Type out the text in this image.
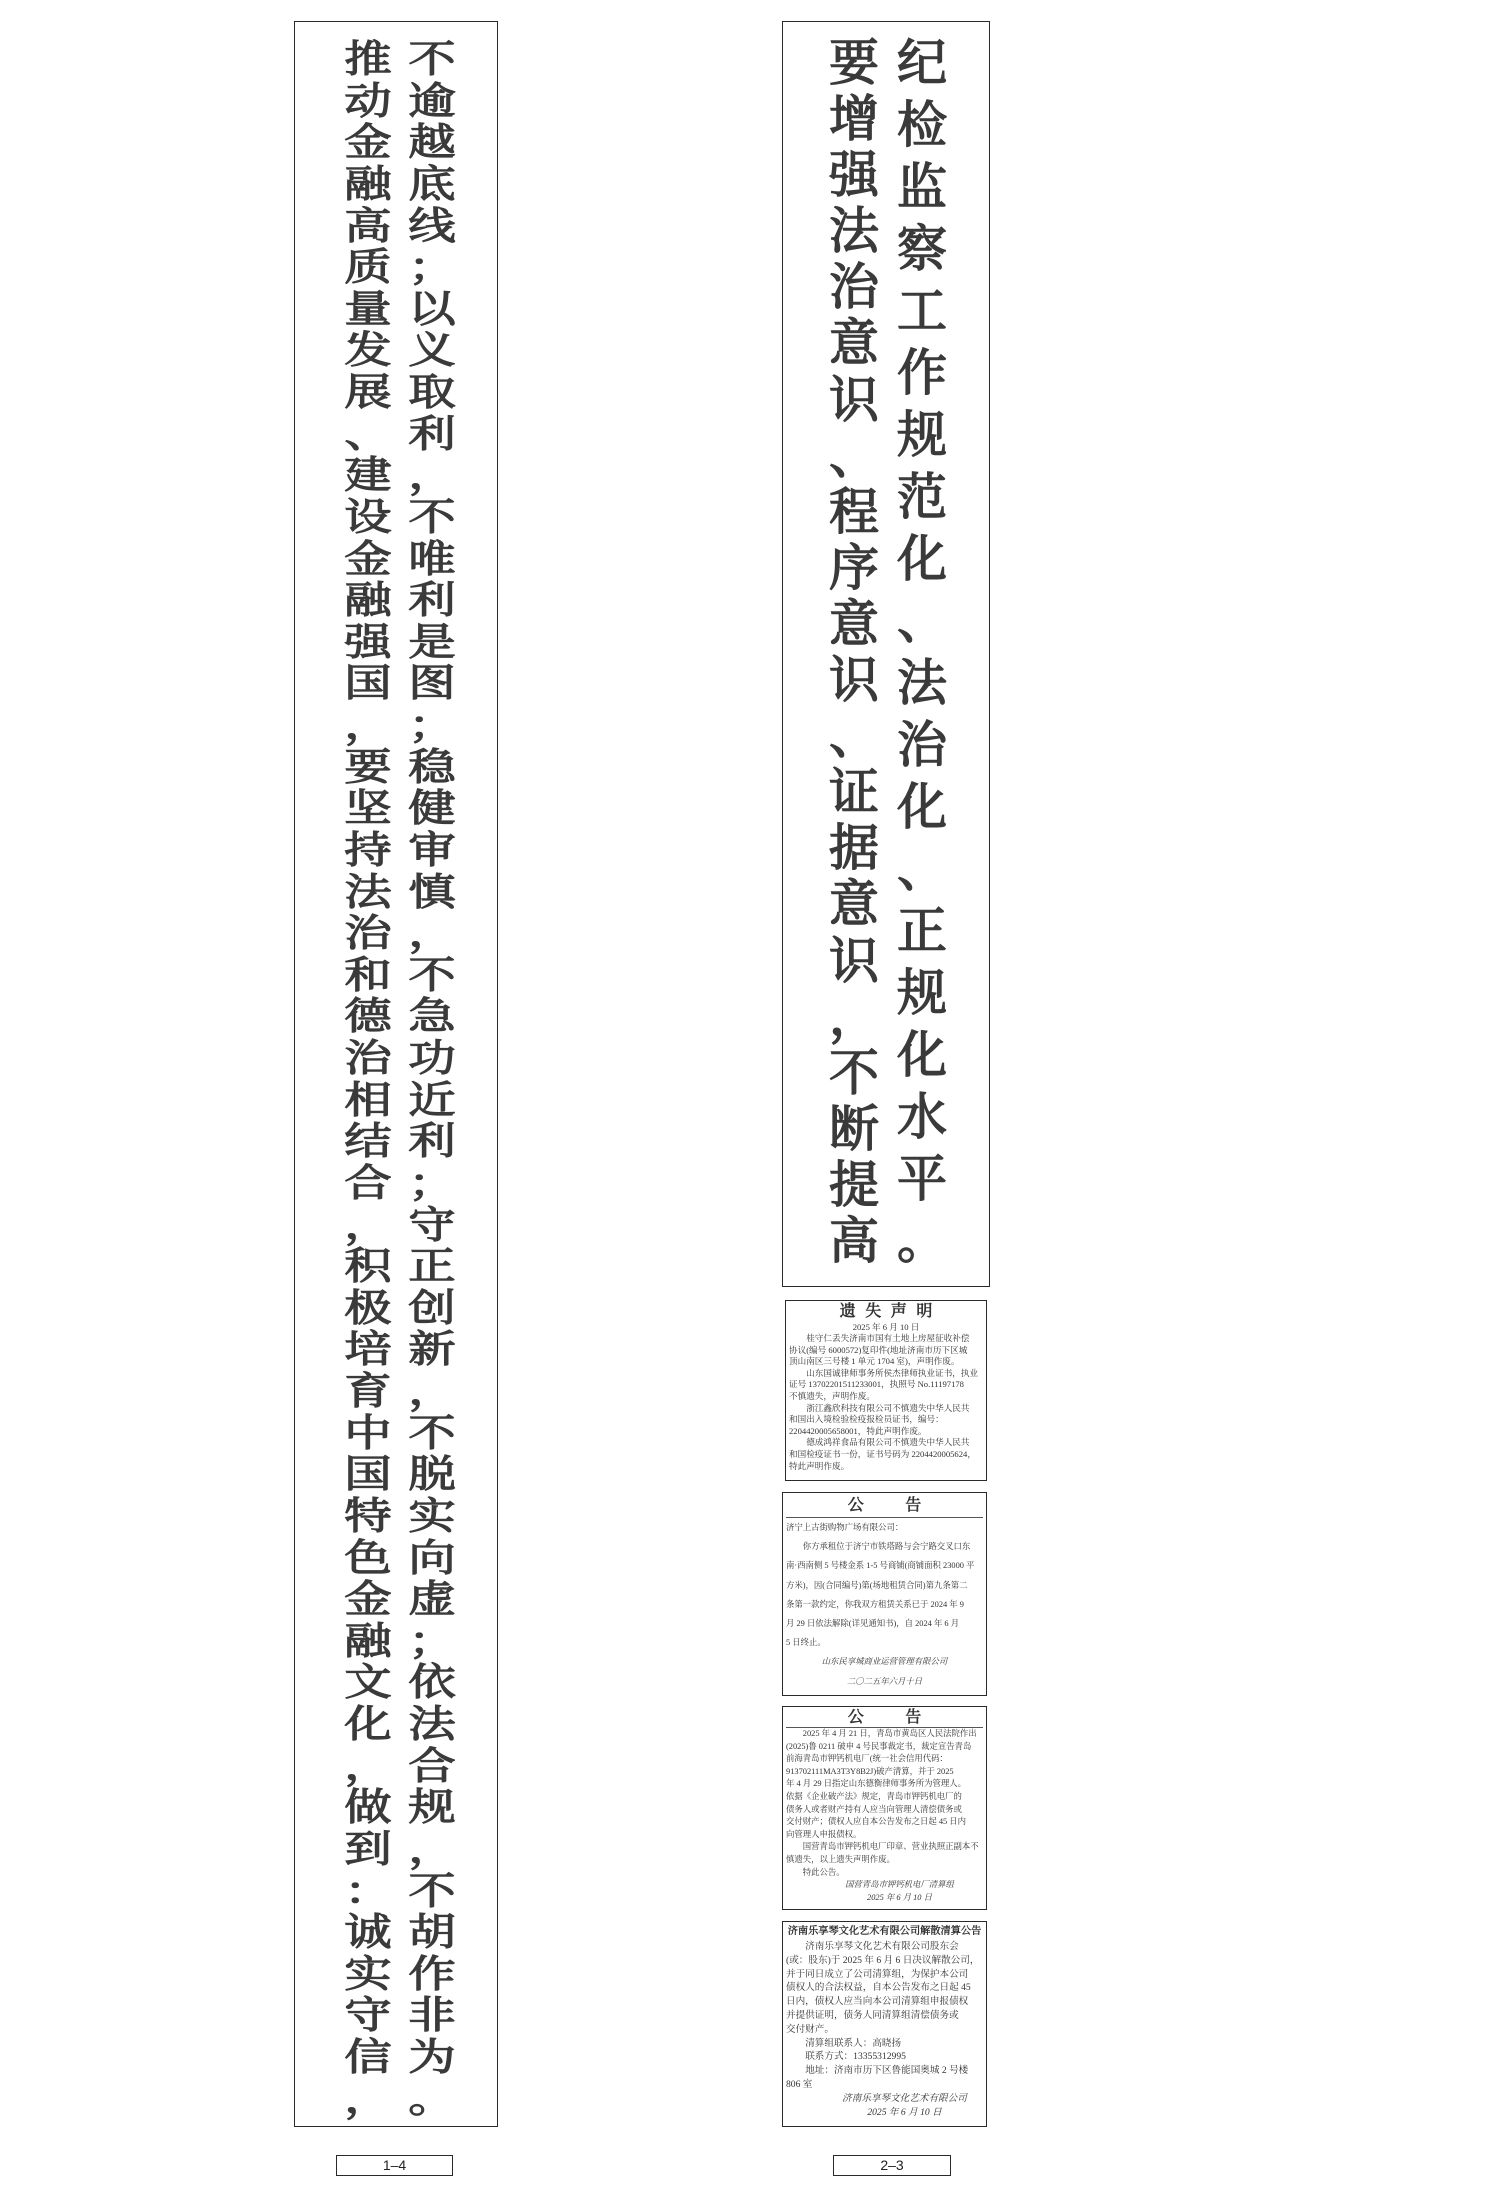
推
动
金
融
高
质
量
发
展
、
建
设
金
融
强
国
，
要
坚
持
法
治
和
德
治
相
结
合
，
积
极
培
育
中
国
特
色
金
融
文
化
，
做
到
：
诚
实
守
信
，
不
逾
越
底
线
；
以
义
取
利
，
不
唯
利
是
图
；
稳
健
审
慎
，
不
急
功
近
利
；
守
正
创
新
，
不
脱
实
向
虚
；
依
法
合
规
，
不
胡
作
非
为
。
要
增
强
法
治
意
识
、
程
序
意
识
、
证
据
意
识
，
不
断
提
高
纪
检
监
察
工
作
规
范
化
、
法
治
化
、
正
规
化
水
平
。
遗失声明
2025 年 6 月 10 日
桂守仁丢失济南市国有土地上房屋征收补偿
协议(编号 6000572)复印件(地址济南市历下区城
顶山南区三号楼 1 单元 1704 室)，声明作废。
山东国诚律师事务所侯杰律师执业证书，执业
证号 13702201511233001，执照号 No.11197178
不慎遗失，声明作废。
浙江鑫欣科技有限公司不慎遗失中华人民共
和国出入境检验检疫报检员证书，编号：
2204420005658001，特此声明作废。
德成鸿祥食品有限公司不慎遗失中华人民共
和国检疫证书一份，证书号码为 2204420005624，
特此声明作废。
公告
济宁上古街购物广场有限公司：
你方承租位于济宁市铁塔路与会宁路交叉口东
南·西南侧 5 号楼金系 1-5 号商铺(商铺面积 23000 平
方米)，因(合同编号)第(场地租赁合同)第九条第二
条第一款约定，你我双方租赁关系已于 2024 年 9
月 29 日依法解除(详见通知书)，自 2024 年 6 月
5 日终止。
山东民享城商业运营管理有限公司
二〇二五年六月十日
公告
2025 年 4 月 21 日，青岛市黄岛区人民法院作出
(2025)鲁 0211 破申 4 号民事裁定书，裁定宣告青岛
前海青岛市钾钙机电厂(统一社会信用代码：
913702111MA3T3Y8B2J)破产清算，并于 2025
年 4 月 29 日指定山东德衡律师事务所为管理人。
依据《企业破产法》规定，青岛市钾钙机电厂的
债务人或者财产持有人应当向管理人清偿债务或
交付财产；债权人应自本公告发布之日起 45 日内
向管理人申报债权。
国营青岛市钾钙机电厂印章、营业执照正副本不
慎遗失，以上遗失声明作废。
特此公告。
国营青岛市钾钙机电厂清算组
2025 年 6 月 10 日
济南乐享琴文化艺术有限公司解散清算公告
济南乐享琴文化艺术有限公司股东会
(或：股东)于 2025 年 6 月 6 日决议解散公司，
并于同日成立了公司清算组，为保护本公司
债权人的合法权益，自本公告发布之日起 45
日内，债权人应当向本公司清算组申报债权
并提供证明，债务人同清算组清偿债务或
交付财产。
清算组联系人：高晓扬
联系方式：13355312995
地址：济南市历下区鲁能国奥城 2 号楼
806 室
济南乐享琴文化艺术有限公司
2025 年 6 月 10 日
1–4	2–3
